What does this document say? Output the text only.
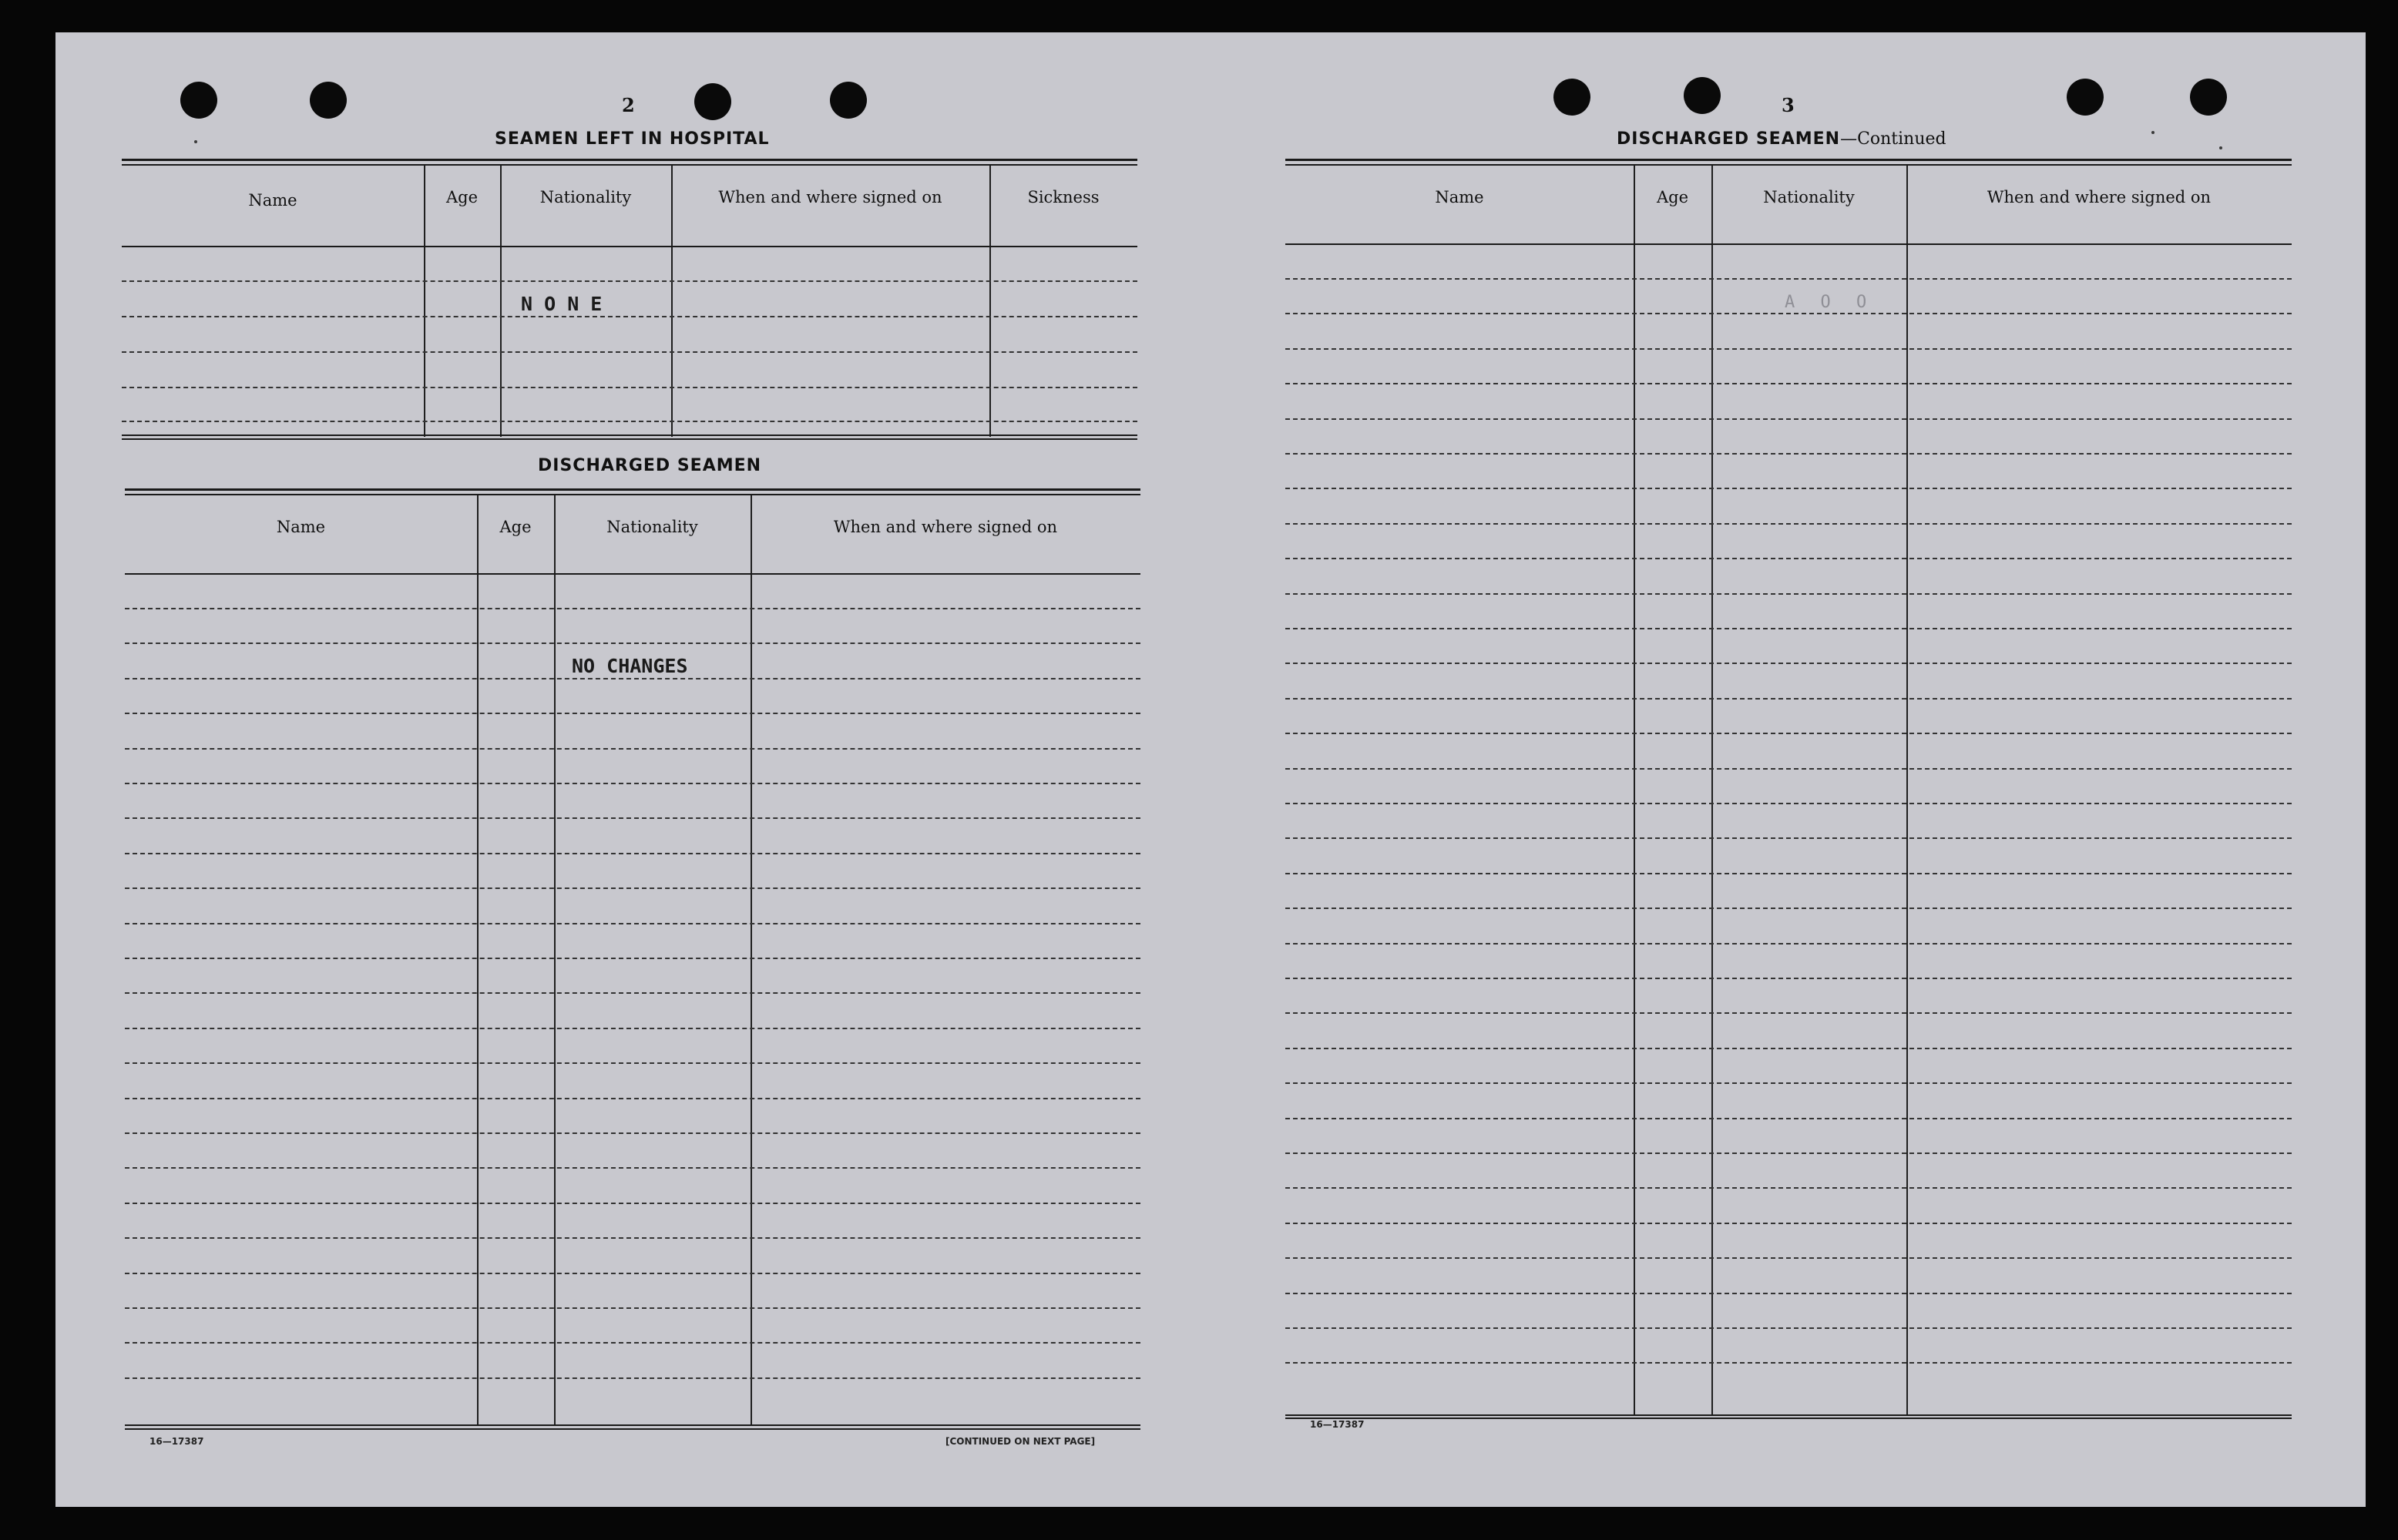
2
SEAMEN LEFT IN HOSPITAL
Name	Age	Nationality	When and where signed on	Sickness
N O N E
DISCHARGED SEAMEN
Name	Age	Nationality	When and where signed on
NO CHANGES
16—17387	[CONTINUED ON NEXT PAGE]
3
DISCHARGED SEAMEN—Continued
Name	Age	Nationality	When and where signed on
A O O
16—17387
